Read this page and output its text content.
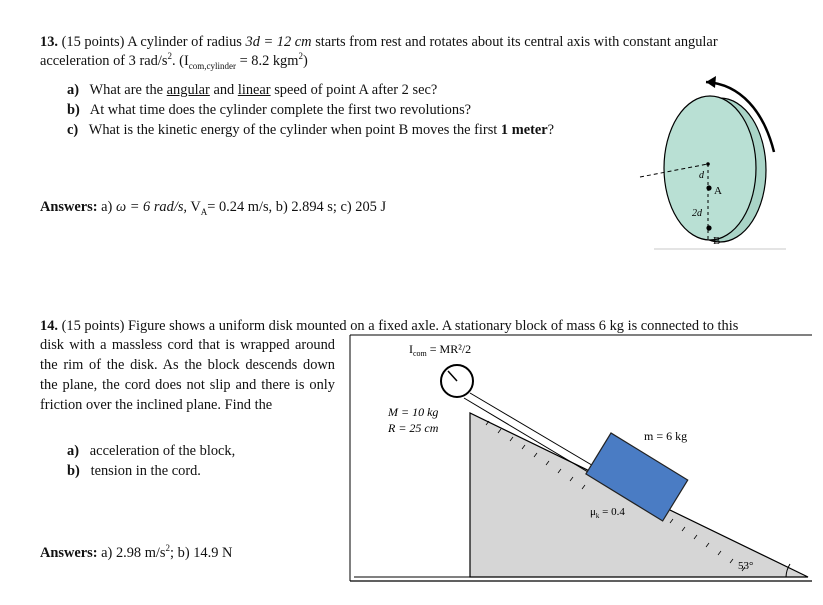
13. (15 points) A cylinder of radius 3d = 12 cm starts from rest and rotates about its central axis with constant angular
acceleration of 3 rad/$s^2$. ($I_{com,cylinder} = 8.2$ kgm$^2$)
a) What are the angular and linear speed of point A after 2 sec?
b) At what time does the cylinder complete the first two revolutions?
c) What is the kinetic energy of the cylinder when point B moves the first 1 meter?
Answers: a) ω = 6 rad/s, $V_A= 0.24$ m/s, b) 2.894 s; c) 205 J
d
A
2d
B
14. (15 points) Figure shows a uniform disk mounted on a fixed axle. A stationary block of mass 6 kg is connected to this
disk with a massless cord that is wrapped around the rim of the disk. As the block descends down the plane, the cord does not slip and there is only friction over the inclined plane. Find the
a) acceleration of the block,
b) tension in the cord.
Answers: a) 2.98 $m/s^2$; b) 14.9 N
$I_{com} = MR^2/2$
M = 10 kg
R = 25 cm
m = 6 kg
$\mu_k = 0.4$
53°
